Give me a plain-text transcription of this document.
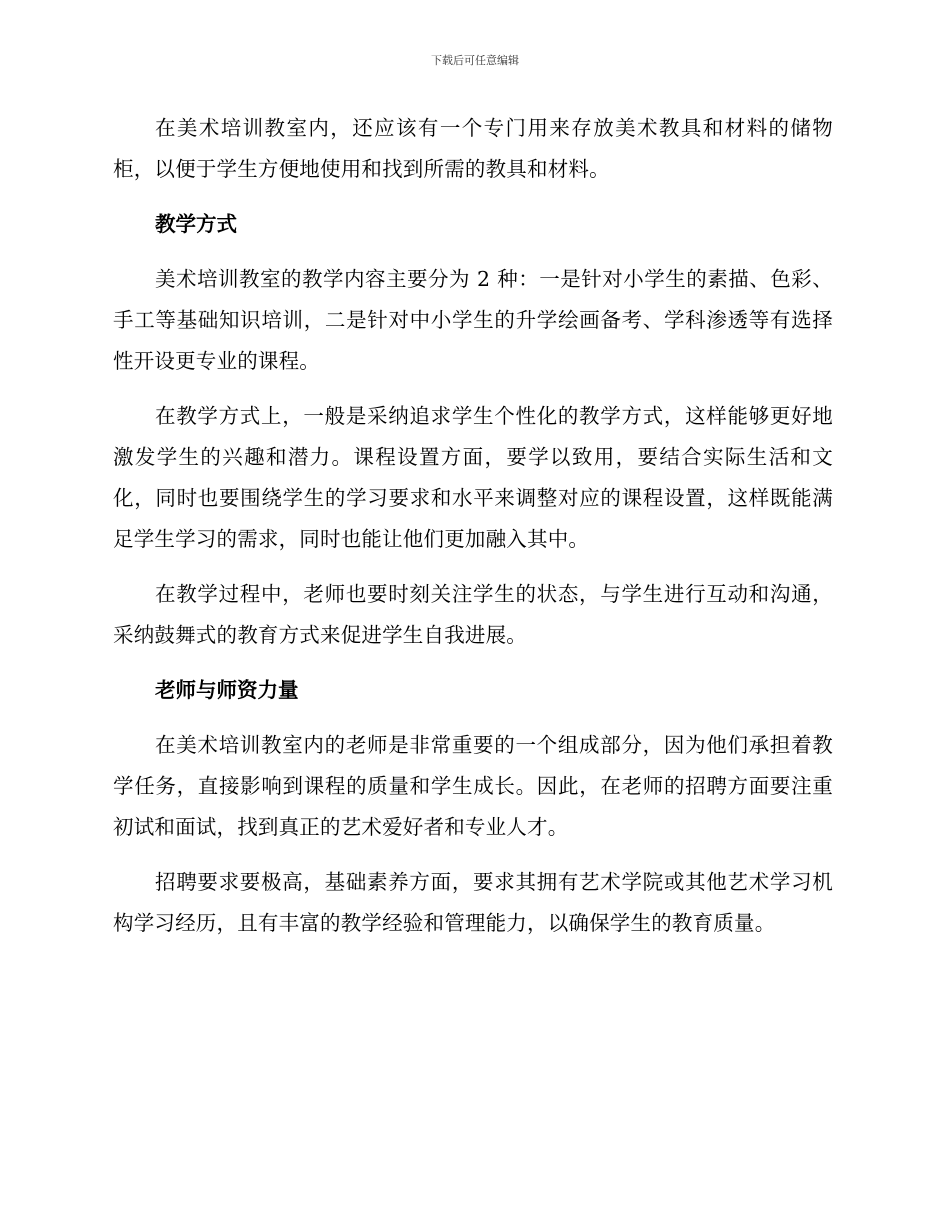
下载后可任意编辑

在美术培训教室内，还应该有一个专门用来存放美术教具和材料的储物柜，以便于学生方便地使用和找到所需的教具和材料。

教学方式

美术培训教室的教学内容主要分为 2 种：一是针对小学生的素描、色彩、手工等基础知识培训，二是针对中小学生的升学绘画备考、学科渗透等有选择性开设更专业的课程。

在教学方式上，一般是采纳追求学生个性化的教学方式，这样能够更好地激发学生的兴趣和潜力。课程设置方面，要学以致用，要结合实际生活和文化，同时也要围绕学生的学习要求和水平来调整对应的课程设置，这样既能满足学生学习的需求，同时也能让他们更加融入其中。

在教学过程中，老师也要时刻关注学生的状态，与学生进行互动和沟通，采纳鼓舞式的教育方式来促进学生自我进展。

老师与师资力量

在美术培训教室内的老师是非常重要的一个组成部分，因为他们承担着教学任务，直接影响到课程的质量和学生成长。因此，在老师的招聘方面要注重初试和面试，找到真正的艺术爱好者和专业人才。

招聘要求要极高，基础素养方面，要求其拥有艺术学院或其他艺术学习机构学习经历，且有丰富的教学经验和管理能力，以确保学生的教育质量。
